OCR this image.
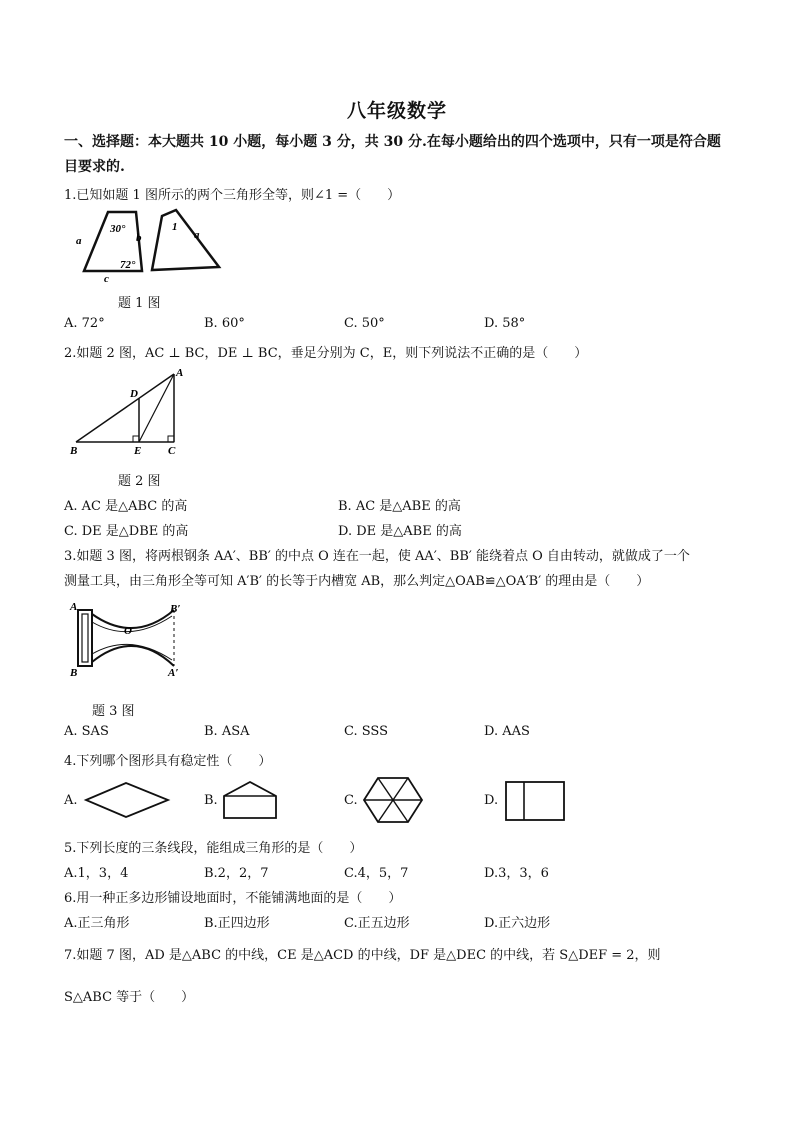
八年级数学
一、选择题：本大题共 10 小题，每小题 3 分，共 30 分.在每小题给出的四个选项中，只有一项是符合题目要求的.
1.已知如题 1 图所示的两个三角形全等，则∠1 =（　　）
a
30°
b
72°
c
1
a
题 1 图
A. 72°	B. 60°	C. 50°	D. 58°
2.如题 2 图，AC ⊥ BC，DE ⊥ BC，垂足分别为 C，E，则下列说法不正确的是（　　）
A
D
B	E C
题 2 图
A. AC 是△ABC 的高	B. AC 是△ABE 的高
C. DE 是△DBE 的高	D. DE 是△ABE 的高
3.如题 3 图，将两根钢条 AA′、BB′ 的中点 O 连在一起，使 AA′、BB′ 能绕着点 O 自由转动，就做成了一个
测量工具，由三角形全等可知 A′B′ 的长等于内槽宽 AB，那么判定△OAB≌△OA′B′ 的理由是（　　）
A	B′
O
B	A′
题 3 图
A. SAS	B. ASA	C. SSS	D. AAS
4.下列哪个图形具有稳定性（　　）
A.	B.	C.	D.
5.下列长度的三条线段，能组成三角形的是（　　）
A.1，3，4	B.2，2，7	C.4，5，7	D.3，3，6
6.用一种正多边形铺设地面时，不能铺满地面的是（　　）
A.正三角形	B.正四边形	C.正五边形	D.正六边形
7.如题 7 图，AD 是△ABC 的中线，CE 是△ACD 的中线，DF 是△DEC 的中线，若 S△DEF = 2，则
S△ABC 等于（　　）
